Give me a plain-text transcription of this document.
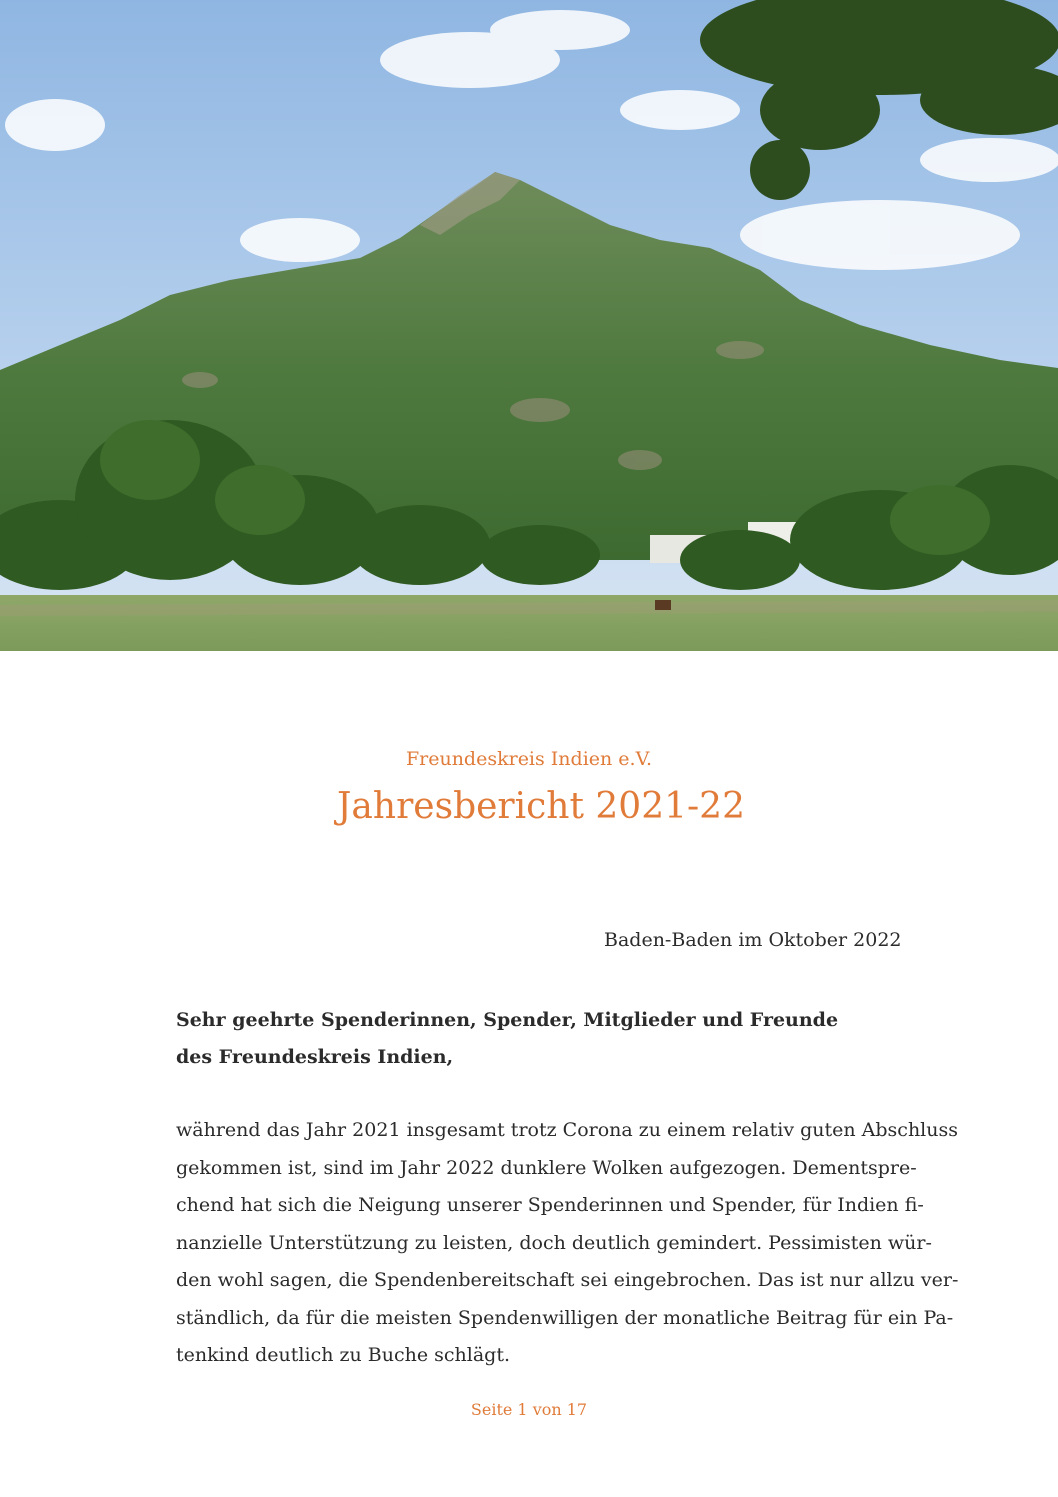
Freundeskreis Indien e.V.
Jahresbericht 2021-22
Baden-Baden im Oktober 2022
Sehr geehrte Spenderinnen, Spender, Mitglieder und Freunde
des Freundeskreis Indien,
während das Jahr 2021 insgesamt trotz Corona zu einem relativ guten Abschluss
gekommen ist, sind im Jahr 2022 dunklere Wolken aufgezogen. Dementspre-
chend hat sich die Neigung unserer Spenderinnen und Spender, für Indien fi-
nanzielle Unterstützung zu leisten, doch deutlich gemindert. Pessimisten wür-
den wohl sagen, die Spendenbereitschaft sei eingebrochen. Das ist nur allzu ver-
ständlich, da für die meisten Spendenwilligen der monatliche Beitrag für ein Pa-
tenkind deutlich zu Buche schlägt.
Seite 1 von 17
